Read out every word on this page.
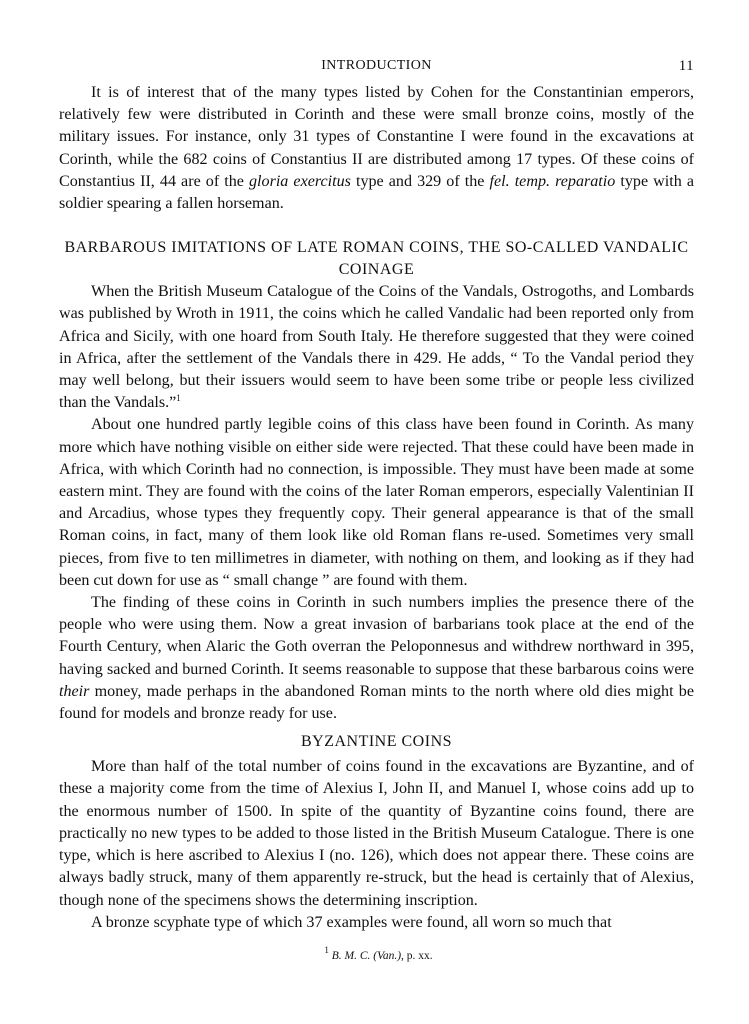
INTRODUCTION	11

It is of interest that of the many types listed by Cohen for the Constantinian emperors, relatively few were distributed in Corinth and these were small bronze coins, mostly of the military issues. For instance, only 31 types of Constantine I were found in the excavations at Corinth, while the 682 coins of Constantius II are distributed among 17 types. Of these coins of Constantius II, 44 are of the gloria exercitus type and 329 of the fel. temp. reparatio type with a soldier spearing a fallen horseman.

BARBAROUS IMITATIONS OF LATE ROMAN COINS, THE SO-CALLED VANDALIC COINAGE

When the British Museum Catalogue of the Coins of the Vandals, Ostrogoths, and Lombards was published by Wroth in 1911, the coins which he called Vandalic had been reported only from Africa and Sicily, with one hoard from South Italy. He therefore suggested that they were coined in Africa, after the settlement of the Vandals there in 429. He adds, “ To the Vandal period they may well belong, but their issuers would seem to have been some tribe or people less civilized than the Vandals.”$^1$

About one hundred partly legible coins of this class have been found in Corinth. As many more which have nothing visible on either side were rejected. That these could have been made in Africa, with which Corinth had no connection, is impossible. They must have been made at some eastern mint. They are found with the coins of the later Roman emperors, especially Valentinian II and Arcadius, whose types they frequently copy. Their general appearance is that of the small Roman coins, in fact, many of them look like old Roman flans re-used. Sometimes very small pieces, from five to ten millimetres in diameter, with nothing on them, and looking as if they had been cut down for use as “ small change ” are found with them.

The finding of these coins in Corinth in such numbers implies the presence there of the people who were using them. Now a great invasion of barbarians took place at the end of the Fourth Century, when Alaric the Goth overran the Peloponnesus and withdrew northward in 395, having sacked and burned Corinth. It seems reasonable to suppose that these barbarous coins were their money, made perhaps in the abandoned Roman mints to the north where old dies might be found for models and bronze ready for use.

BYZANTINE COINS

More than half of the total number of coins found in the excavations are Byzantine, and of these a majority come from the time of Alexius I, John II, and Manuel I, whose coins add up to the enormous number of 1500. In spite of the quantity of Byzantine coins found, there are practically no new types to be added to those listed in the British Museum Catalogue. There is one type, which is here ascribed to Alexius I (no. 126), which does not appear there. These coins are always badly struck, many of them apparently re-struck, but the head is certainly that of Alexius, though none of the specimens shows the determining inscription.

A bronze scyphate type of which 37 examples were found, all worn so much that

$^1$ B. M. C. (Van.), p. xx.
